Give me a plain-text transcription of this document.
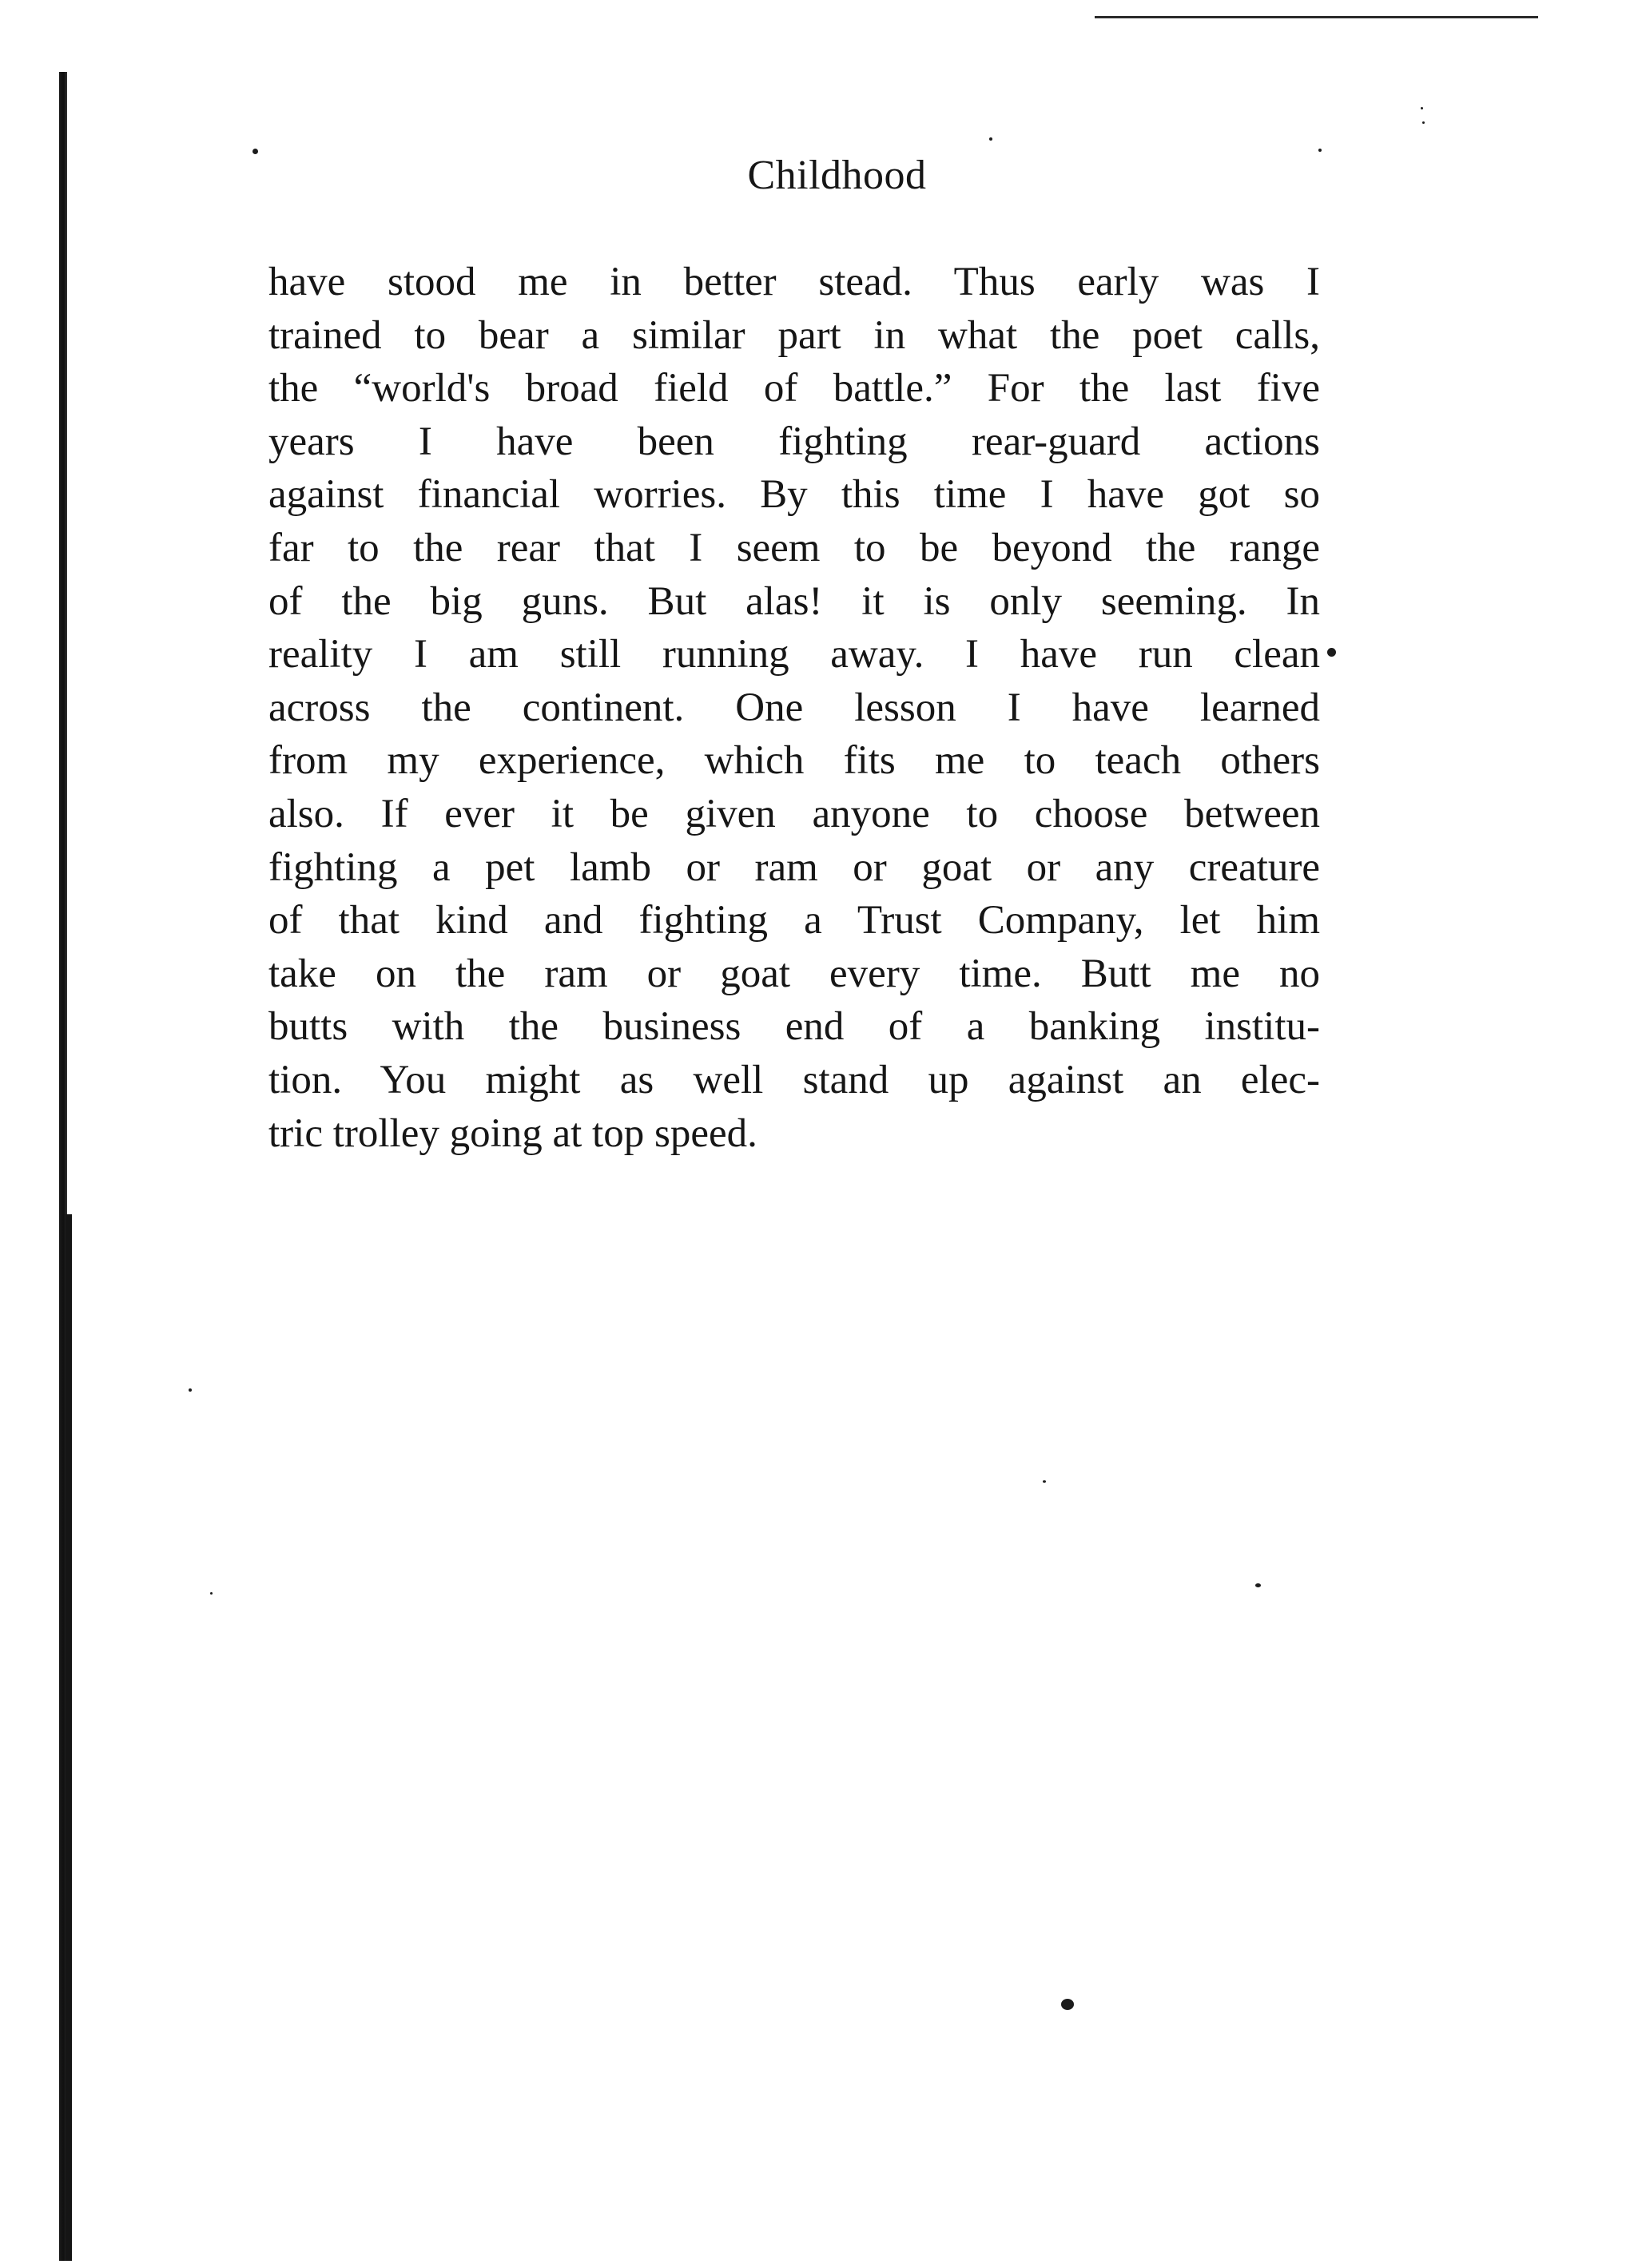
Childhood
have stood me in better stead. Thus early was I
trained to bear a similar part in what the poet calls,
the “world's broad field of battle.” For the last five
years I have been fighting rear-guard actions
against financial worries. By this time I have got so
far to the rear that I seem to be beyond the range
of the big guns. But alas! it is only seeming. In
reality I am still running away. I have run clean
across the continent. One lesson I have learned
from my experience, which fits me to teach others
also. If ever it be given anyone to choose between
fighting a pet lamb or ram or goat or any creature
of that kind and fighting a Trust Company, let him
take on the ram or goat every time. Butt me no
butts with the business end of a banking institu-
tion. You might as well stand up against an elec-
tric trolley going at top speed.
